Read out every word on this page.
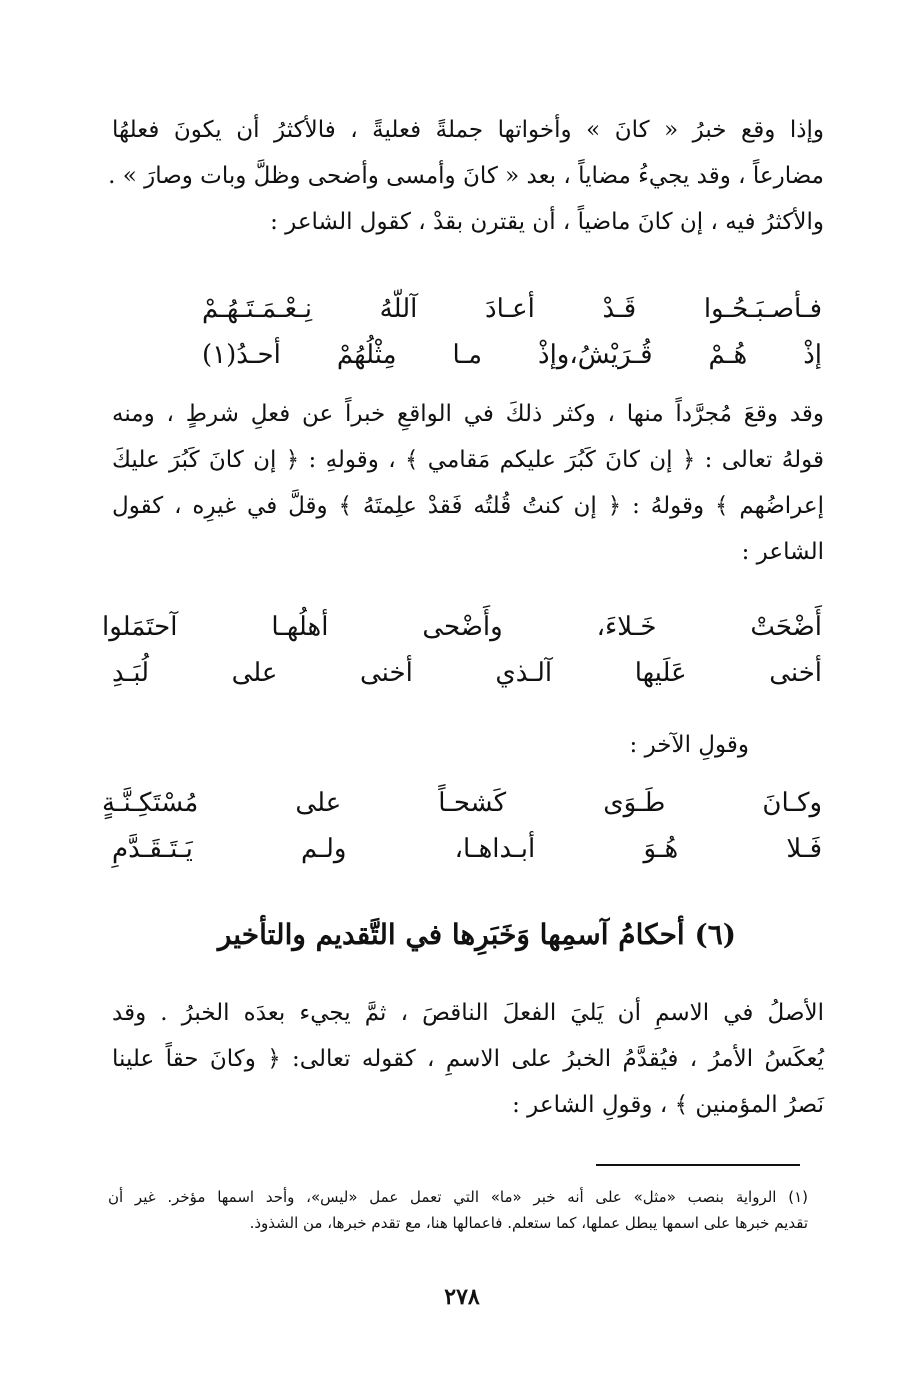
وإذا وقع خبرُ « كانَ » وأخواتها جملةً فعليةً ، فالأكثرُ أن يكونَ فعلهُا
مضارعاً ، وقد يجيءُ مضاياً ، بعد « كانَ وأمسى وأضحى وظلَّ وبات وصارَ » .
والأكثرُ فيه ، إن كانَ ماضياً ، أن يقترن بقدْ ، كقول الشاعر :
فـأصـبَـحُـوا قَـدْ أعـادَ آللّهُ نِـعْـمَـتَـهُـمْ
إذْ هُـمْ قُـرَيْشُ،وإذْ مـا مِثْلُهُمْ أحـدُ(١)
وقد وقعَ مُجرَّداً منها ، وكثر ذلكَ في الواقعِ خبراً عن فعلِ شرطٍ ، ومنه
قولهُ تعالى : ﴿ إن كانَ كَبُرَ عليكم مَقامي ﴾ ، وقولهِ : ﴿ إن كانَ كَبُرَ عليكَ
إعراضُهم ﴾ وقولهُ : ﴿ إن كنتُ قُلتُه فَقدْ علِمتَهُ ﴾ وقلَّ في غيرِه ، كقول
الشاعر :
أَضْحَتْ خَـلاءَ، وأَضْحى أهلُهـا آحتَمَلوا
أخنى عَلَيها آلـذي أخنى على لُبَـدِ
وقولِ الآخر :
وكـانَ طَـوَى كَشحـاً على مُسْتَكِـنَّـةٍ
فَـلا هُـوَ أبـداهـا، ولـم يَـتَـقَـدَّمِ
(٦) أحكامُ آسمِها وَخَبَرِها في التَّقديم والتأخير
الأصلُ في الاسمِ أن يَليَ الفعلَ الناقصَ ، ثمَّ يجيء بعدَه الخبرُ . وقد
يُعكَسُ الأمرُ ، فيُقدَّمُ الخبرُ على الاسمِ ، كقوله تعالى: ﴿ وكانَ حقاً علينا
نَصرُ المؤمنين ﴾ ، وقولِ الشاعر :
(١) الرواية بنصب «مثل» على أنه خبر «ما» التي تعمل عمل «ليس»، وأحد اسمها مؤخر. غير أن
تقديم خبرها على اسمها يبطل عملها، كما ستعلم. فاعمالها هنا، مع تقدم خبرها، من الشذوذ.
٢٧٨
